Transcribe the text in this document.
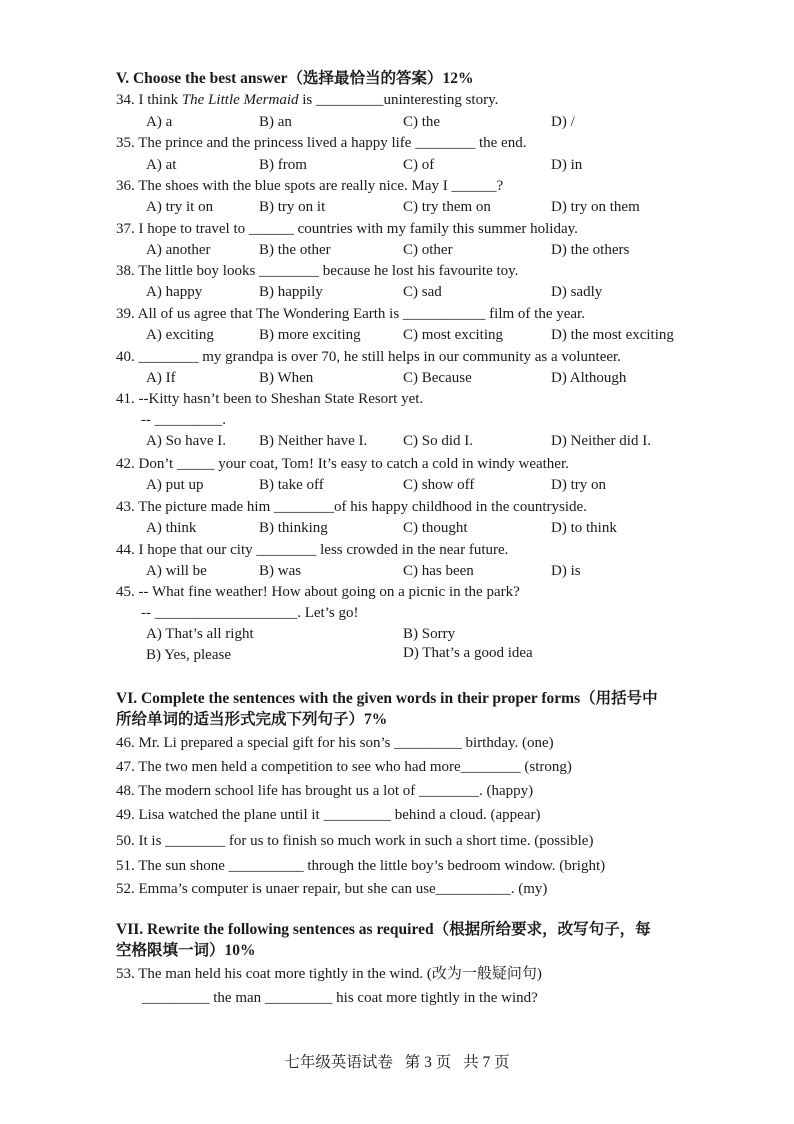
V. Choose the best answer（选择最恰当的答案）12%
34. I think The Little Mermaid is _________uninteresting story.
A) a	B) an	C) the	D) /
35. The prince and the princess lived a happy life ________ the end.
A) at	B) from	C) of	D) in
36. The shoes with the blue spots are really nice. May I ______?
A) try it on	B) try on it	C) try them on	D) try on them
37. I hope to travel to ______ countries with my family this summer holiday.
A) another	B) the other	C) other	D) the others
38. The little boy looks ________ because he lost his favourite toy.
A) happy	B) happily	C) sad	D) sadly
39. All of us agree that The Wondering Earth is ___________ film of the year.
A) exciting	B) more exciting	C) most exciting	D) the most exciting
40. ________ my grandpa is over 70, he still helps in our community as a volunteer.
A) If	B) When	C) Because	D) Although
41. --Kitty hasn’t been to Sheshan State Resort yet.
-- _________.
A) So have I. B) Neither have I. C) So did I.	D) Neither did I.
42. Don’t _____ your coat, Tom! It’s easy to catch a cold in windy weather.
A) put up	B) take off	C) show off	D) try on
43. The picture made him ________of his happy childhood in the countryside.
A) think	B) thinking	C) thought	D) to think
44. I hope that our city ________ less crowded in the near future.
A) will be	B) was	C) has been	D) is
45. -- What fine weather! How about going on a picnic in the park?
-- ___________________. Let’s go!
A) That’s all right	B) Sorry
B) Yes, please	D) That’s a good idea
VI. Complete the sentences with the given words in their proper forms（用括号中
所给单词的适当形式完成下列句子）7%
46. Mr. Li prepared a special gift for his son’s _________ birthday. (one)
47. The two men held a competition to see who had more________ (strong)
48. The modern school life has brought us a lot of ________. (happy)
49. Lisa watched the plane until it _________ behind a cloud. (appear)
50. It is ________ for us to finish so much work in such a short time. (possible)
51. The sun shone __________ through the little boy’s bedroom window. (bright)
52. Emma’s computer is unaer repair, but she can use__________. (my)
VII. Rewrite the following sentences as required（根据所给要求，改写句子，每
空格限填一词）10%
53. The man held his coat more tightly in the wind. (改为一般疑问句)
_________ the man _________ his coat more tightly in the wind?
七年级英语试卷 第 3 页 共 7 页
